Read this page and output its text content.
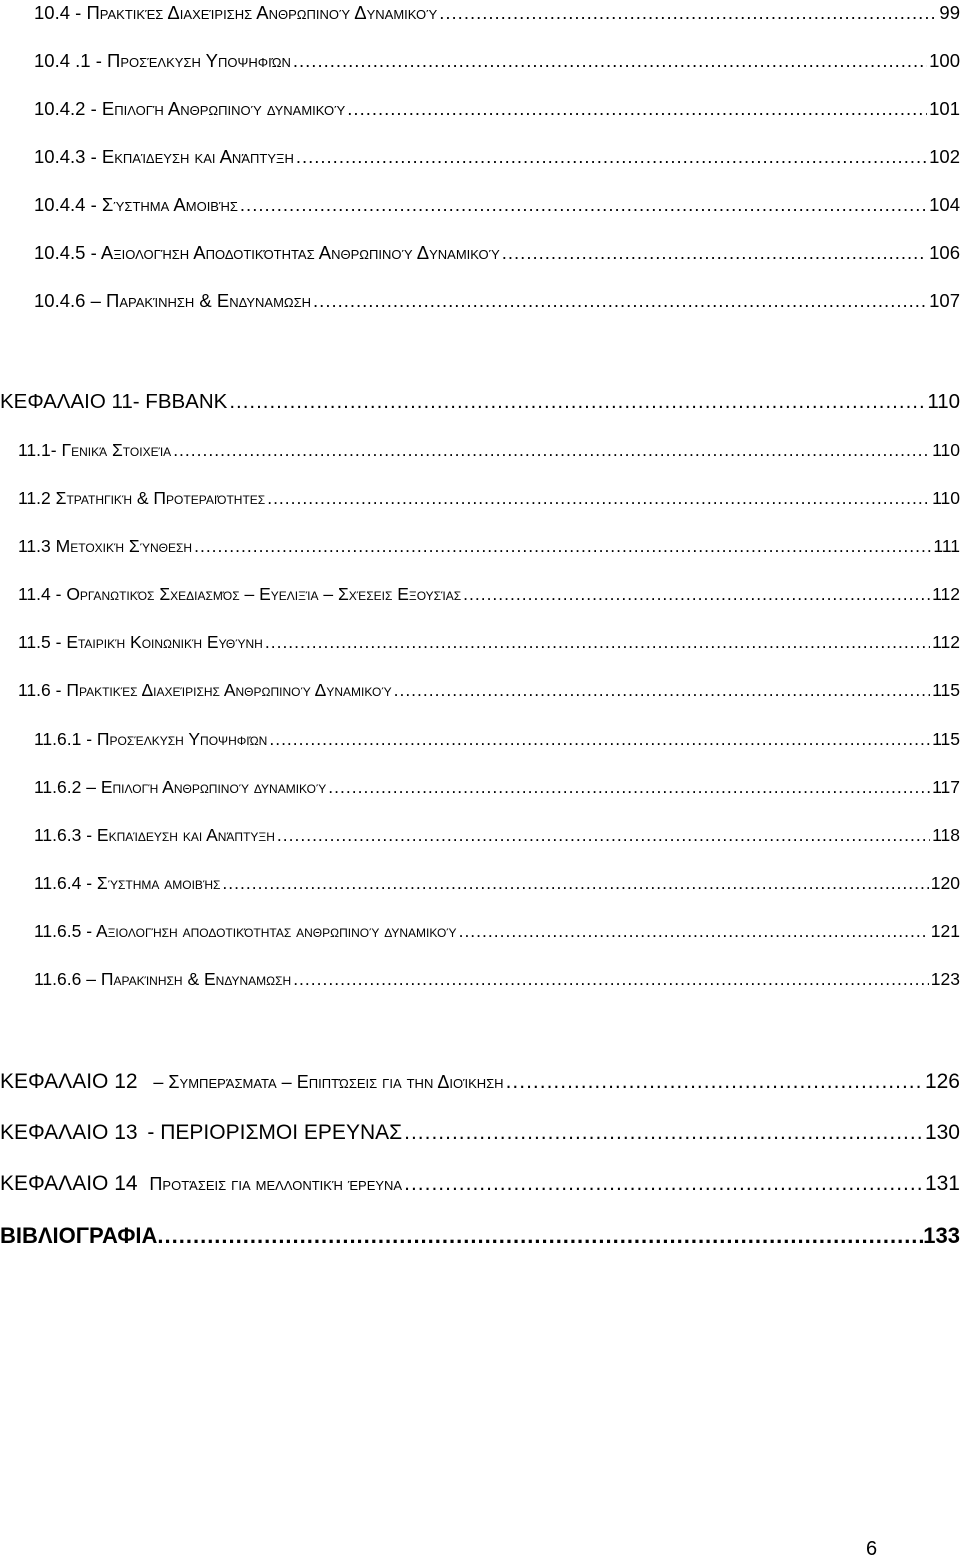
10.4 - Πρακτικές Διαχείρισης Ανθρωπινού Δυναμικού .....	99
10.4 .1 - Προσέλκυση Υποψηφιών .....	100
10.4.2 - Επιλογή Ανθρωπινού δυναμικού .....	101
10.4.3 - Εκπαίδευση και Ανάπτυξη .....	102
10.4.4 - Σύστημα Αμοιβής .....	104
10.4.5 - Αξιολογήση Αποδοτικότητας Ανθρωπινού Δυναμικού .....	106
10.4.6 – Παρακίνηση & Ενδυναμωση .....	107
ΚΕΦΑΛΑΙΟ 11- FBBANK .....	110
11.1- Γενικά Στοιχεία .....	110
11.2 Στρατηγική & Προτεραιότητες .....	110
11.3 Μετοχική Σύνθεση .....	111
11.4 - Οργανωτικός Σχεδιασμός – Ευελιξία – Σχέσεις Εξουσίας .....	112
11.5 - Εταιρική Κοινωνική Ευθύνη .....	112
11.6 - Πρακτικές Διαχείρισης Ανθρωπινού Δυναμικού .....	115
11.6.1 - Προσέλκυση Υποψηφιών .....	115
11.6.2 – Επιλογή Ανθρωπινού δυναμικού .....	117
11.6.3 - Εκπαίδευση και Ανάπτυξη .....	118
11.6.4 - Σύστημα αμοιβής .....	120
11.6.5 - Αξιολογήση αποδοτικότητας ανθρωπινού δυναμικού .....	121
11.6.6 – Παρακίνηση & Ενδυναμωση .....	123
ΚΕΦΑΛΑΙΟ 12 – Συμπεράσματα – Επιπτώσεις για την Διοίκηση .....	126
ΚΕΦΑΛΑΙΟ 13 - ΠΕΡΙΟΡΙΣΜΟΙ ΕΡΕΥΝΑΣ .....	130
ΚΕΦΑΛΑΙΟ 14 Προτάσεις για μελλοντική έρευνα .....	131
ΒΙΒΛΙΟΓΡΑΦΙΑ .....	133
6
